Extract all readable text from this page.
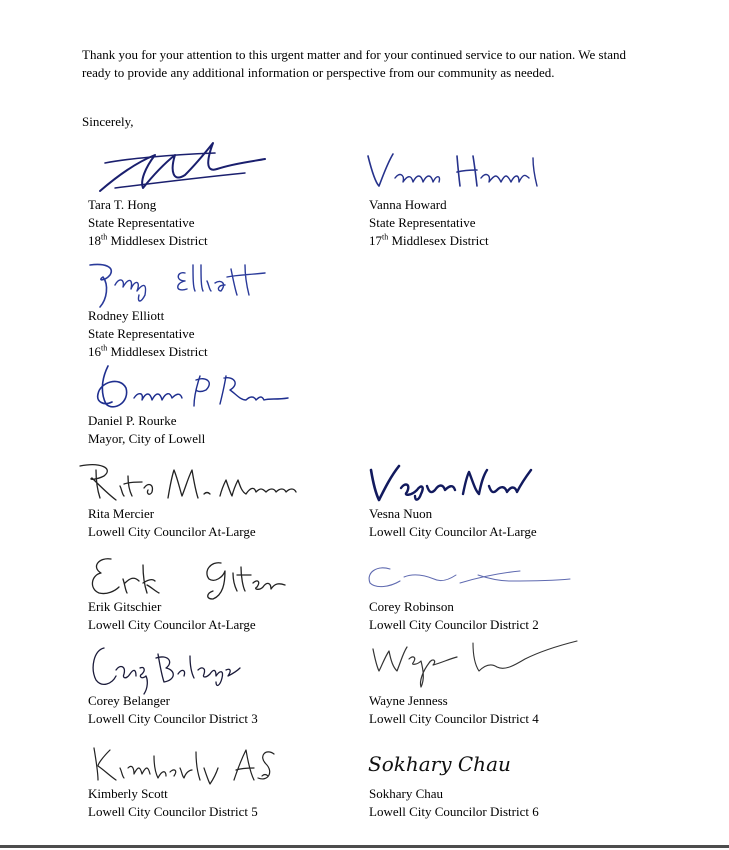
Thank you for your attention to this urgent matter and for your continued service to our nation. We stand ready to provide any additional information or perspective from our community as needed.

Sincerely,

Sokhary Chau
Tara T. Hong
State Representative
18th Middlesex District
Vanna Howard
State Representative
17th Middlesex District
Rodney Elliott
State Representative
16th Middlesex District
Daniel P. Rourke
Mayor, City of Lowell
Rita Mercier
Lowell City Councilor At-Large
Vesna Nuon
Lowell City Councilor At-Large
Erik Gitschier
Lowell City Councilor At-Large
Corey Robinson
Lowell City Councilor District 2
Corey Belanger
Lowell City Councilor District 3
Wayne Jenness
Lowell City Councilor District 4
Kimberly Scott
Lowell City Councilor District 5
Sokhary Chau
Lowell City Councilor District 6
